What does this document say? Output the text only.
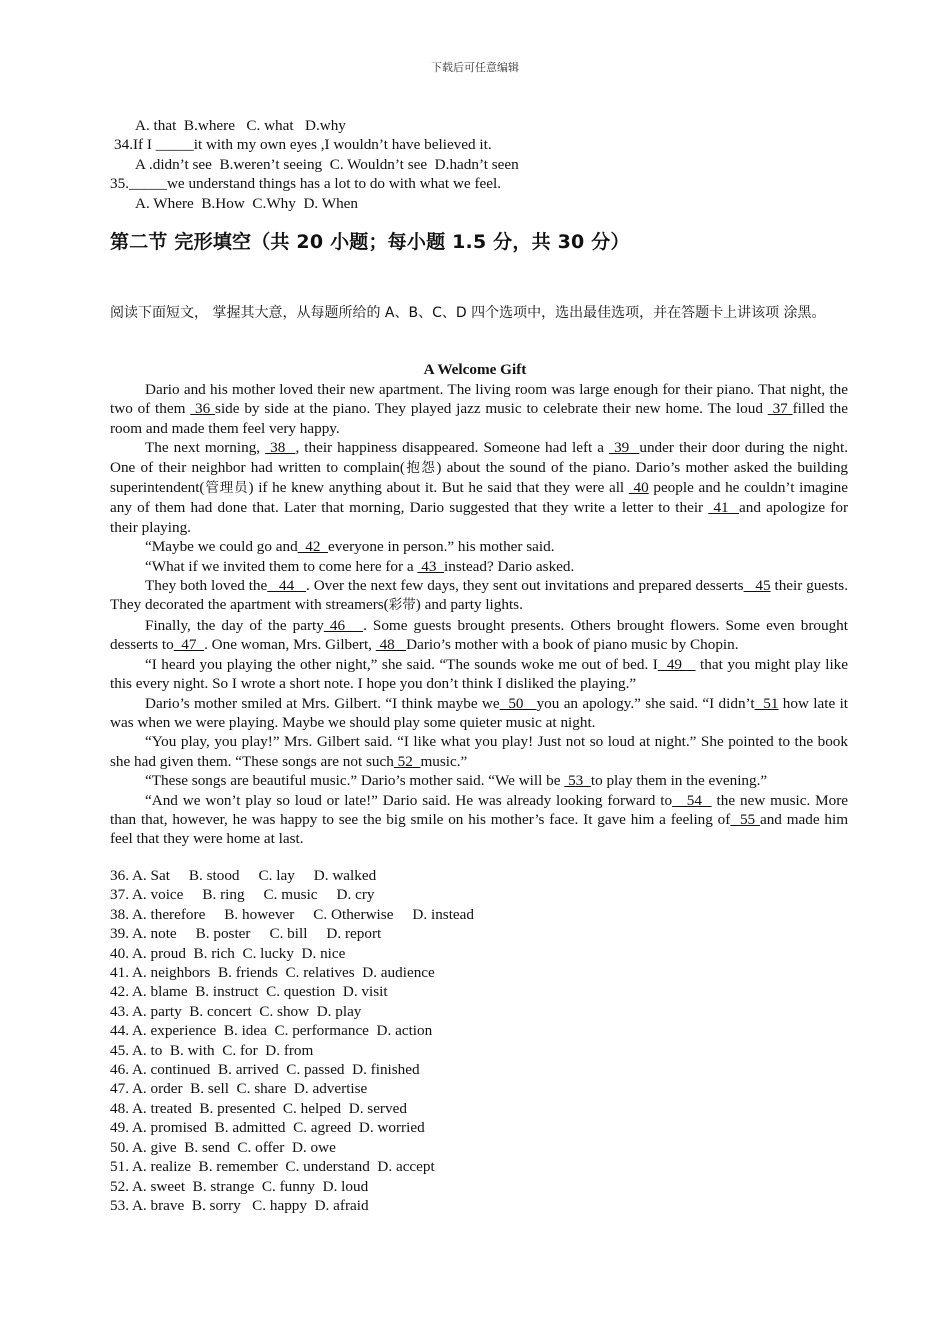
下载后可任意编辑
A. that  B.where   C. what   D.why
34.If I _____it with my own eyes ,I wouldn’t have believed it.
A .didn’t see  B.weren’t seeing  C. Wouldn’t see  D.hadn’t seen
35._____we understand things has a lot to do with what we feel.
A. Where  B.How  C.Why  D. When
第二节 完形填空（共 20 小题；每小题 1.5 分，共 30 分）
阅读下面短文， 掌握其大意，从每题所给的 A、B、C、D 四个选项中，选出最佳选项，并在答题卡上讲该项 涂黑。
A Welcome Gift

Dario and his mother loved their new apartment. The living room was large enough for their piano. That night, the two of them  36 side by side at the piano. They played jazz music to celebrate their new home. The loud  37 filled the room and made them feel very happy.

The next morning,  38  , their happiness disappeared. Someone had left a  39  under their door during the night. One of their neighbor had written to complain(抱怨) about the sound of the piano. Dario’s mother asked the building superintendent(管理员) if he knew anything about it. But he said that they were all  40 people and he couldn’t imagine any of them had done that. Later that morning, Dario suggested that they write a letter to their  41  and apologize for their playing.

“Maybe we could go and  42  everyone in person.” his mother said.

“What if we invited them to come here for a  43  instead? Dario asked.

They both loved the   44   . Over the next few days, they sent out invitations and prepared desserts   45 their guests. They decorated the apartment with streamers(彩带) and party lights.

Finally, the day of the party 46   . Some guests brought presents. Others brought flowers. Some even brought desserts to  47  . One woman, Mrs. Gilbert,  48   Dario’s mother with a book of piano music by Chopin.

“I heard you playing the other night,” she said. “The sounds woke me out of bed. I  49    that you might play like this every night. So I wrote a short note. I hope you don’t think I disliked the playing.”

Dario’s mother smiled at Mrs. Gilbert. “I think maybe we  50   you an apology.” she said. “I didn’t  51 how late it was when we were playing. Maybe we should play some quieter music at night.

“You play, you play!” Mrs. Gilbert said. “I like what you play! Just not so loud at night.” She pointed to the book she had given them. “These songs are not such 52  music.”

“These songs are beautiful music.” Dario’s mother said. “We will be  53  to play them in the evening.”

“And we won’t play so loud or late!” Dario said. He was already looking forward to   54   the new music. More than that, however, he was happy to see the big smile on his mother’s face. It gave him a feeling of  55 and made him feel that they were home at last.

36. A. Sat     B. stood     C. lay     D. walked
37. A. voice     B. ring     C. music     D. cry
38. A. therefore     B. however     C. Otherwise     D. instead
39. A. note     B. poster     C. bill     D. report
40. A. proud  B. rich  C. lucky  D. nice
41. A. neighbors  B. friends  C. relatives  D. audience
42. A. blame  B. instruct  C. question  D. visit
43. A. party  B. concert  C. show  D. play
44. A. experience  B. idea  C. performance  D. action
45. A. to  B. with  C. for  D. from
46. A. continued  B. arrived  C. passed  D. finished
47. A. order  B. sell  C. share  D. advertise
48. A. treated  B. presented  C. helped  D. served
49. A. promised  B. admitted  C. agreed  D. worried
50. A. give  B. send  C. offer  D. owe
51. A. realize  B. remember  C. understand  D. accept
52. A. sweet  B. strange  C. funny  D. loud
53. A. brave  B. sorry   C. happy  D. afraid
